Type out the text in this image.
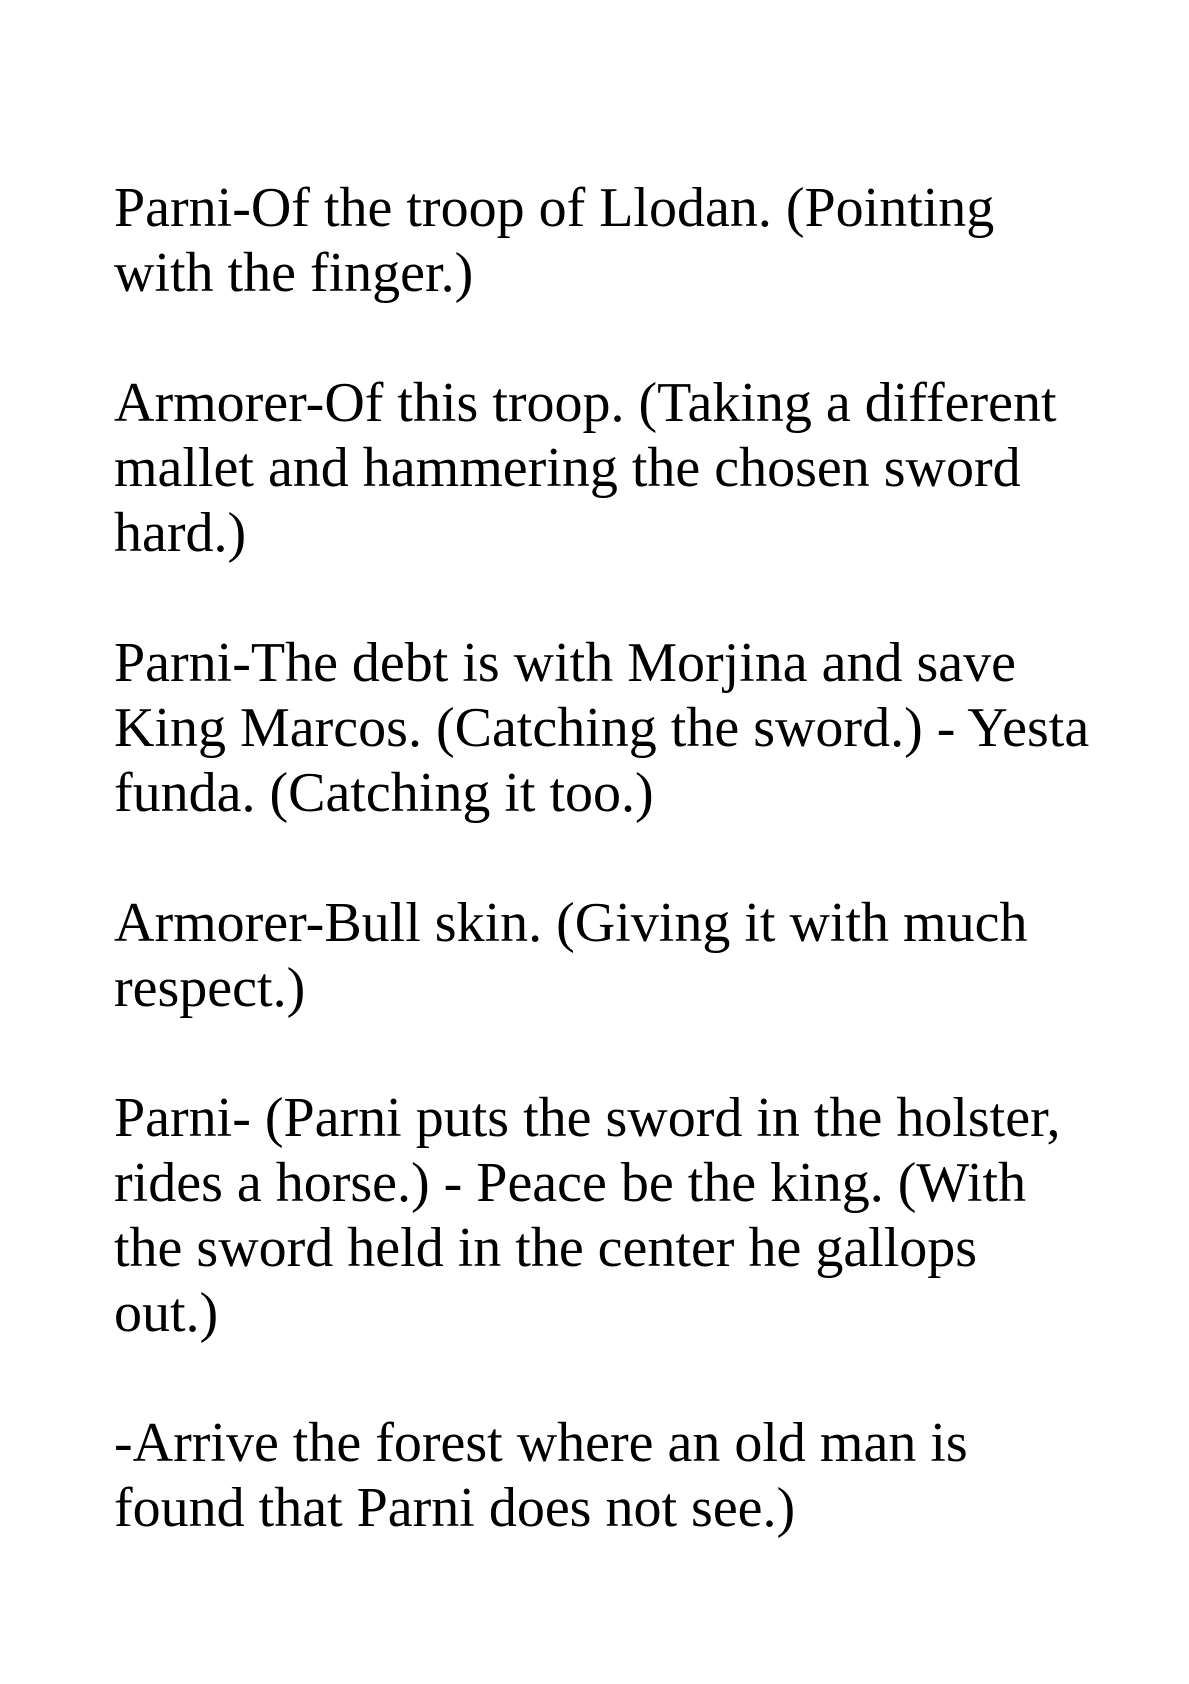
Parni-Of the troop of Llodan. (Pointing with the finger.)

Armorer-Of this troop. (Taking a different mallet and hammering the chosen sword hard.)

Parni-The debt is with Morjina and save King Marcos. (Catching the sword.) - Yesta funda. (Catching it too.)

Armorer-Bull skin. (Giving it with much respect.)

Parni- (Parni puts the sword in the holster, rides a horse.) - Peace be the king. (With the sword held in the center he gallops out.)

-Arrive the forest where an old man is found that Parni does not see.)
